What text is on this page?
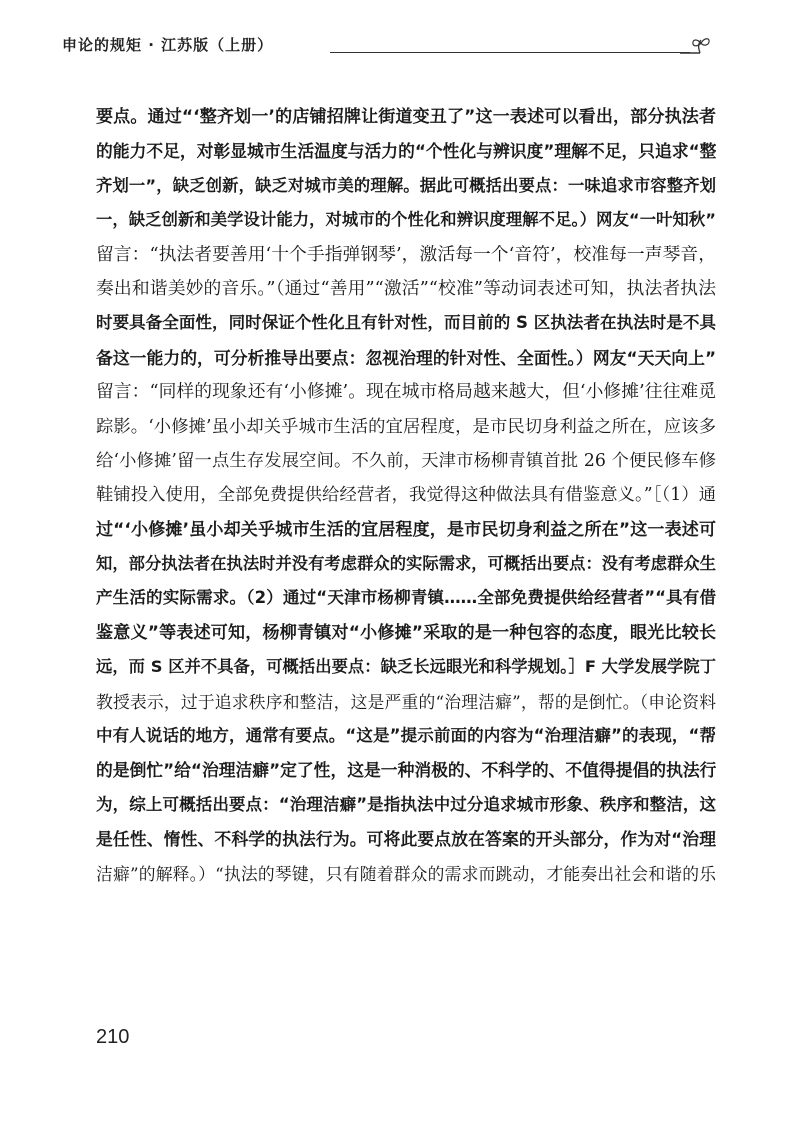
申论的规矩 · 江苏版（上册）
要点。通过“‘整齐划一’的店铺招牌让街道变丑了”这一表述可以看出，部分执法者
的能力不足，对彰显城市生活温度与活力的“个性化与辨识度”理解不足，只追求“整
齐划一”，缺乏创新，缺乏对城市美的理解。据此可概括出要点：一味追求市容整齐划
一，缺乏创新和美学设计能力，对城市的个性化和辨识度理解不足。）网友“一叶知秋”
留言：“执法者要善用‘十个手指弹钢琴’，激活每一个‘音符’，校准每一声琴音，
奏出和谐美妙的音乐。”（通过“善用”“激活”“校准”等动词表述可知，执法者执法
时要具备全面性，同时保证个性化且有针对性，而目前的 S 区执法者在执法时是不具
备这一能力的，可分析推导出要点：忽视治理的针对性、全面性。）网友“天天向上”
留言：“同样的现象还有‘小修摊’。现在城市格局越来越大，但‘小修摊’往往难觅
踪影。‘小修摊’虽小却关乎城市生活的宜居程度，是市民切身利益之所在，应该多
给‘小修摊’留一点生存发展空间。不久前，天津市杨柳青镇首批 26 个便民修车修
鞋铺投入使用，全部免费提供给经营者，我觉得这种做法具有借鉴意义。”［（1）通
过“‘小修摊’虽小却关乎城市生活的宜居程度，是市民切身利益之所在”这一表述可
知，部分执法者在执法时并没有考虑群众的实际需求，可概括出要点：没有考虑群众生
产生活的实际需求。（2）通过“天津市杨柳青镇……全部免费提供给经营者”“具有借
鉴意义”等表述可知，杨柳青镇对“小修摊”采取的是一种包容的态度，眼光比较长
远，而 S 区并不具备，可概括出要点：缺乏长远眼光和科学规划。］F 大学发展学院丁
教授表示，过于追求秩序和整洁，这是严重的“治理洁癖”，帮的是倒忙。（申论资料
中有人说话的地方，通常有要点。“这是”提示前面的内容为“治理洁癖”的表现，“帮
的是倒忙”给“治理洁癖”定了性，这是一种消极的、不科学的、不值得提倡的执法行
为，综上可概括出要点：“治理洁癖”是指执法中过分追求城市形象、秩序和整洁，这
是任性、惰性、不科学的执法行为。可将此要点放在答案的开头部分，作为对“治理
洁癖”的解释。）“执法的琴键，只有随着群众的需求而跳动，才能奏出社会和谐的乐
210
